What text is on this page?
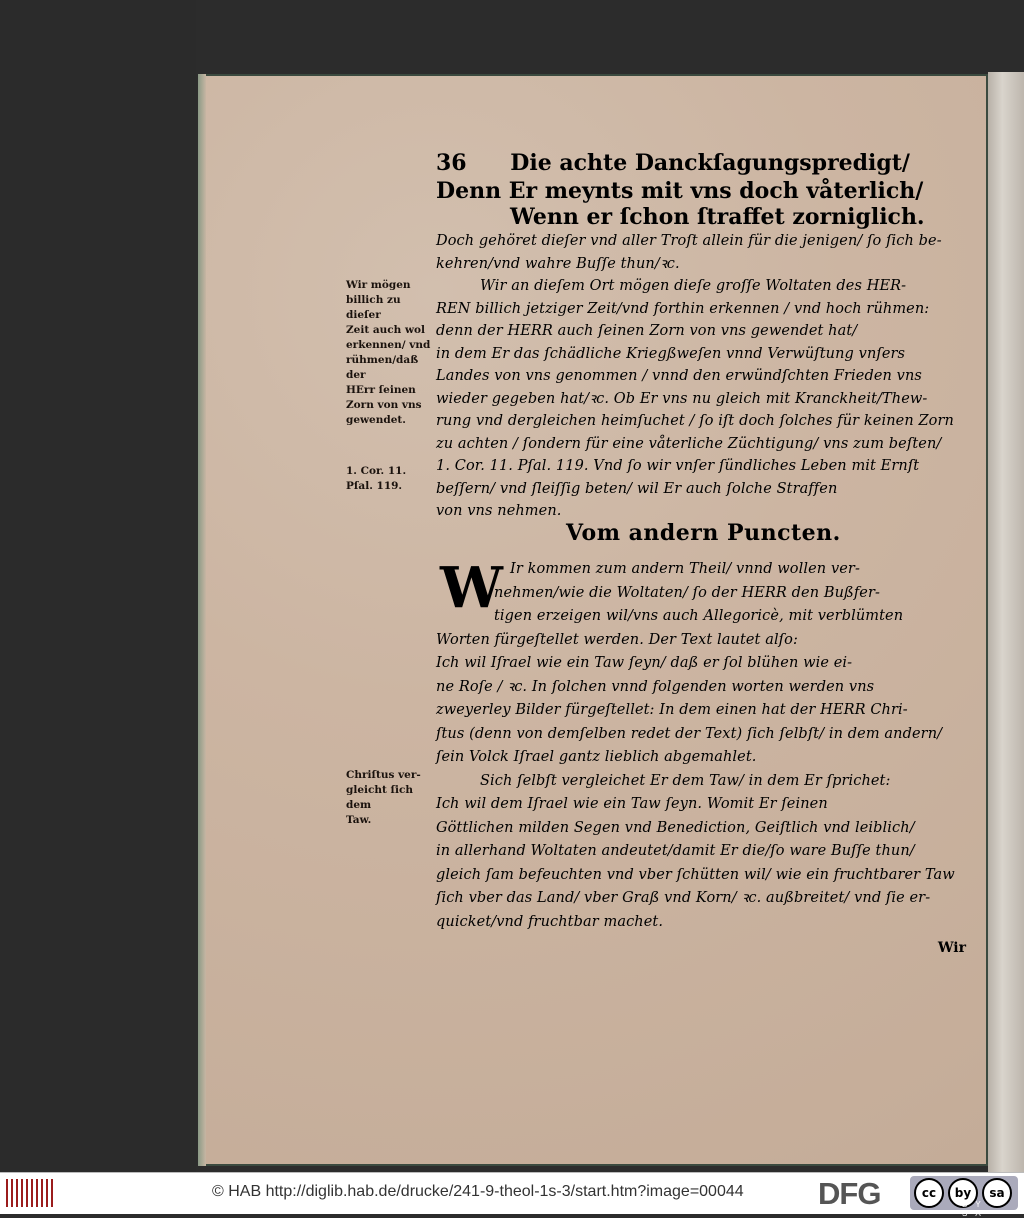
36 Die achte Danckſagungspredigt/
Denn Er meynts mit vns doch våterlich/
Wenn er ſchon ſtraffet zorniglich.
Doch gehöret dieſer vnd aller Troſt allein für die jenigen/ ſo ſich be-
kehren/vnd wahre Buſſe thun/ꝛc.
Wir an dieſem Ort mögen dieſe groſſe Woltaten des HER-
REN billich jetziger Zeit/vnd forthin erkennen / vnd hoch rühmen:
denn der HERR auch ſeinen Zorn von vns gewendet hat/
in dem Er das ſchädliche Kriegßweſen vnnd Verwüſtung vnſers
Landes von vns genommen / vnnd den erwündſchten Frieden vns
wieder gegeben hat/ꝛc. Ob Er vns nu gleich mit Kranckheit/Thew-
rung vnd dergleichen heimſuchet / ſo iſt doch ſolches für keinen Zorn
zu achten / ſondern für eine våterliche Züchtigung/ vns zum beſten/
1. Cor. 11. Pſal. 119. Vnd ſo wir vnſer ſündliches Leben mit Ernſt
beſſern/ vnd ſleiſſig beten/ wil Er auch ſolche Straffen
von vns nehmen.
Wir mögen
billich zu dieſer
Zeit auch wol
erkennen/ vnd
rühmen/daß der
HErr ſeinen
Zorn von vns
gewendet.
1. Cor. 11.
Pſal. 119.
Chriſtus ver-
gleicht ſich dem
Taw.
Vom andern Puncten.
W Ir kommen zum andern Theil/ vnnd wollen ver-
nehmen/wie die Woltaten/ ſo der HERR den Bußfer-
tigen erzeigen wil/vns auch Allegoricè, mit verblümten
Worten fürgeſtellet werden. Der Text lautet alſo:
Ich wil Iſrael wie ein Taw ſeyn/ daß er ſol blühen wie ei-
ne Roſe / ꝛc. In ſolchen vnnd folgenden worten werden vns
zweyerley Bilder fürgeſtellet: In dem einen hat der HERR Chri-
ſtus (denn von demſelben redet der Text) ſich ſelbſt/ in dem andern/
ſein Volck Iſrael gantz lieblich abgemahlet.
Sich ſelbſt vergleichet Er dem Taw/ in dem Er ſprichet:
Ich wil dem Iſrael wie ein Taw ſeyn. Womit Er ſeinen
Göttlichen milden Segen vnd Benediction, Geiſtlich vnd leiblich/
in allerhand Woltaten andeutet/damit Er die/ſo ware Buſſe thun/
gleich ſam befeuchten vnd vber ſchütten wil/ wie ein fruchtbarer Taw
ſich vber das Land/ vber Graß vnd Korn/ ꝛc. außbreitet/ vnd ſie er-
quicket/vnd fruchtbar machet.
Wir
© HAB http://diglib.hab.de/drucke/241-9-theol-1s-3/start.htm?image=00044 DFG	cc	by	sa
BY SA
